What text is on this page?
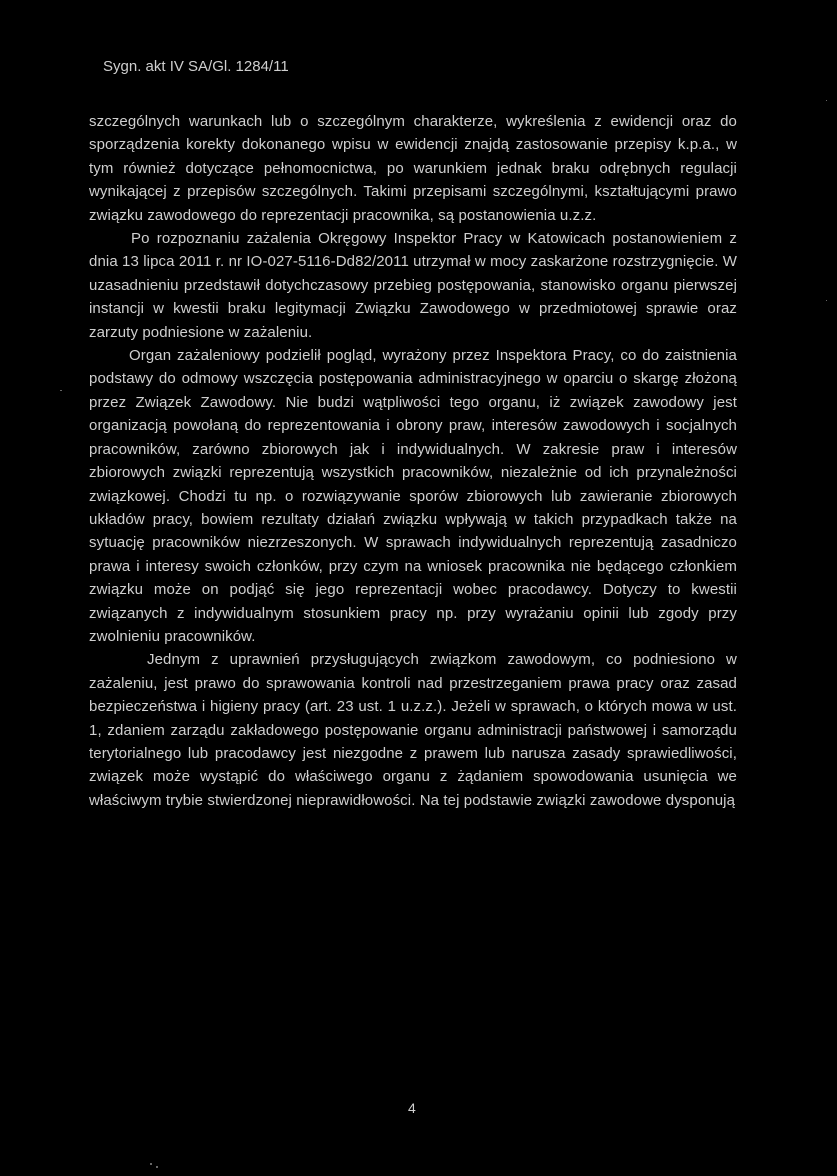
Sygn. akt IV SA/Gl. 1284/11

szczególnych warunkach lub o szczególnym charakterze, wykreślenia z ewidencji oraz do sporządzenia korekty dokonanego wpisu w ewidencji znajdą zastosowanie przepisy k.p.a., w tym również dotyczące pełnomocnictwa, po warunkiem jednak braku odrębnych regulacji wynikającej z przepisów szczególnych. Takimi przepisami szczególnymi, kształtującymi prawo związku zawodowego do reprezentacji pracownika, są postanowienia u.z.z.

Po rozpoznaniu zażalenia Okręgowy Inspektor Pracy w Katowicach postanowieniem z dnia 13 lipca 2011 r. nr IO-027-5116-Dd82/2011 utrzymał w mocy zaskarżone rozstrzygnięcie. W uzasadnieniu przedstawił dotychczasowy przebieg postępowania, stanowisko organu pierwszej instancji w kwestii braku legitymacji Związku Zawodowego w przedmiotowej sprawie oraz zarzuty podniesione w zażaleniu.

Organ zażaleniowy podzielił pogląd, wyrażony przez Inspektora Pracy, co do zaistnienia podstawy do odmowy wszczęcia postępowania administracyjnego w oparciu o skargę złożoną przez Związek Zawodowy. Nie budzi wątpliwości tego organu, iż związek zawodowy jest organizacją powołaną do reprezentowania i obrony praw, interesów zawodowych i socjalnych pracowników, zarówno zbiorowych jak i indywidualnych. W zakresie praw i interesów zbiorowych związki reprezentują wszystkich pracowników, niezależnie od ich przynależności związkowej. Chodzi tu np. o rozwiązywanie sporów zbiorowych lub zawieranie zbiorowych układów pracy, bowiem rezultaty działań związku wpływają w takich przypadkach także na sytuację pracowników niezrzeszonych. W sprawach indywidualnych reprezentują zasadniczo prawa i interesy swoich członków, przy czym na wniosek pracownika nie będącego członkiem związku może on podjąć się jego reprezentacji wobec pracodawcy. Dotyczy to kwestii związanych z indywidualnym stosunkiem pracy np. przy wyrażaniu opinii lub zgody przy zwolnieniu pracowników.

Jednym z uprawnień przysługujących związkom zawodowym, co podniesiono w zażaleniu, jest prawo do sprawowania kontroli nad przestrzeganiem prawa pracy oraz zasad bezpieczeństwa i higieny pracy (art. 23 ust. 1 u.z.z.). Jeżeli w sprawach, o których mowa w ust. 1, zdaniem zarządu zakładowego postępowanie organu administracji państwowej i samorządu terytorialnego lub pracodawcy jest niezgodne z prawem lub narusza zasady sprawiedliwości, związek może wystąpić do właściwego organu z żądaniem spowodowania usunięcia we właściwym trybie stwierdzonej nieprawidłowości. Na tej podstawie związki zawodowe dysponują

4
